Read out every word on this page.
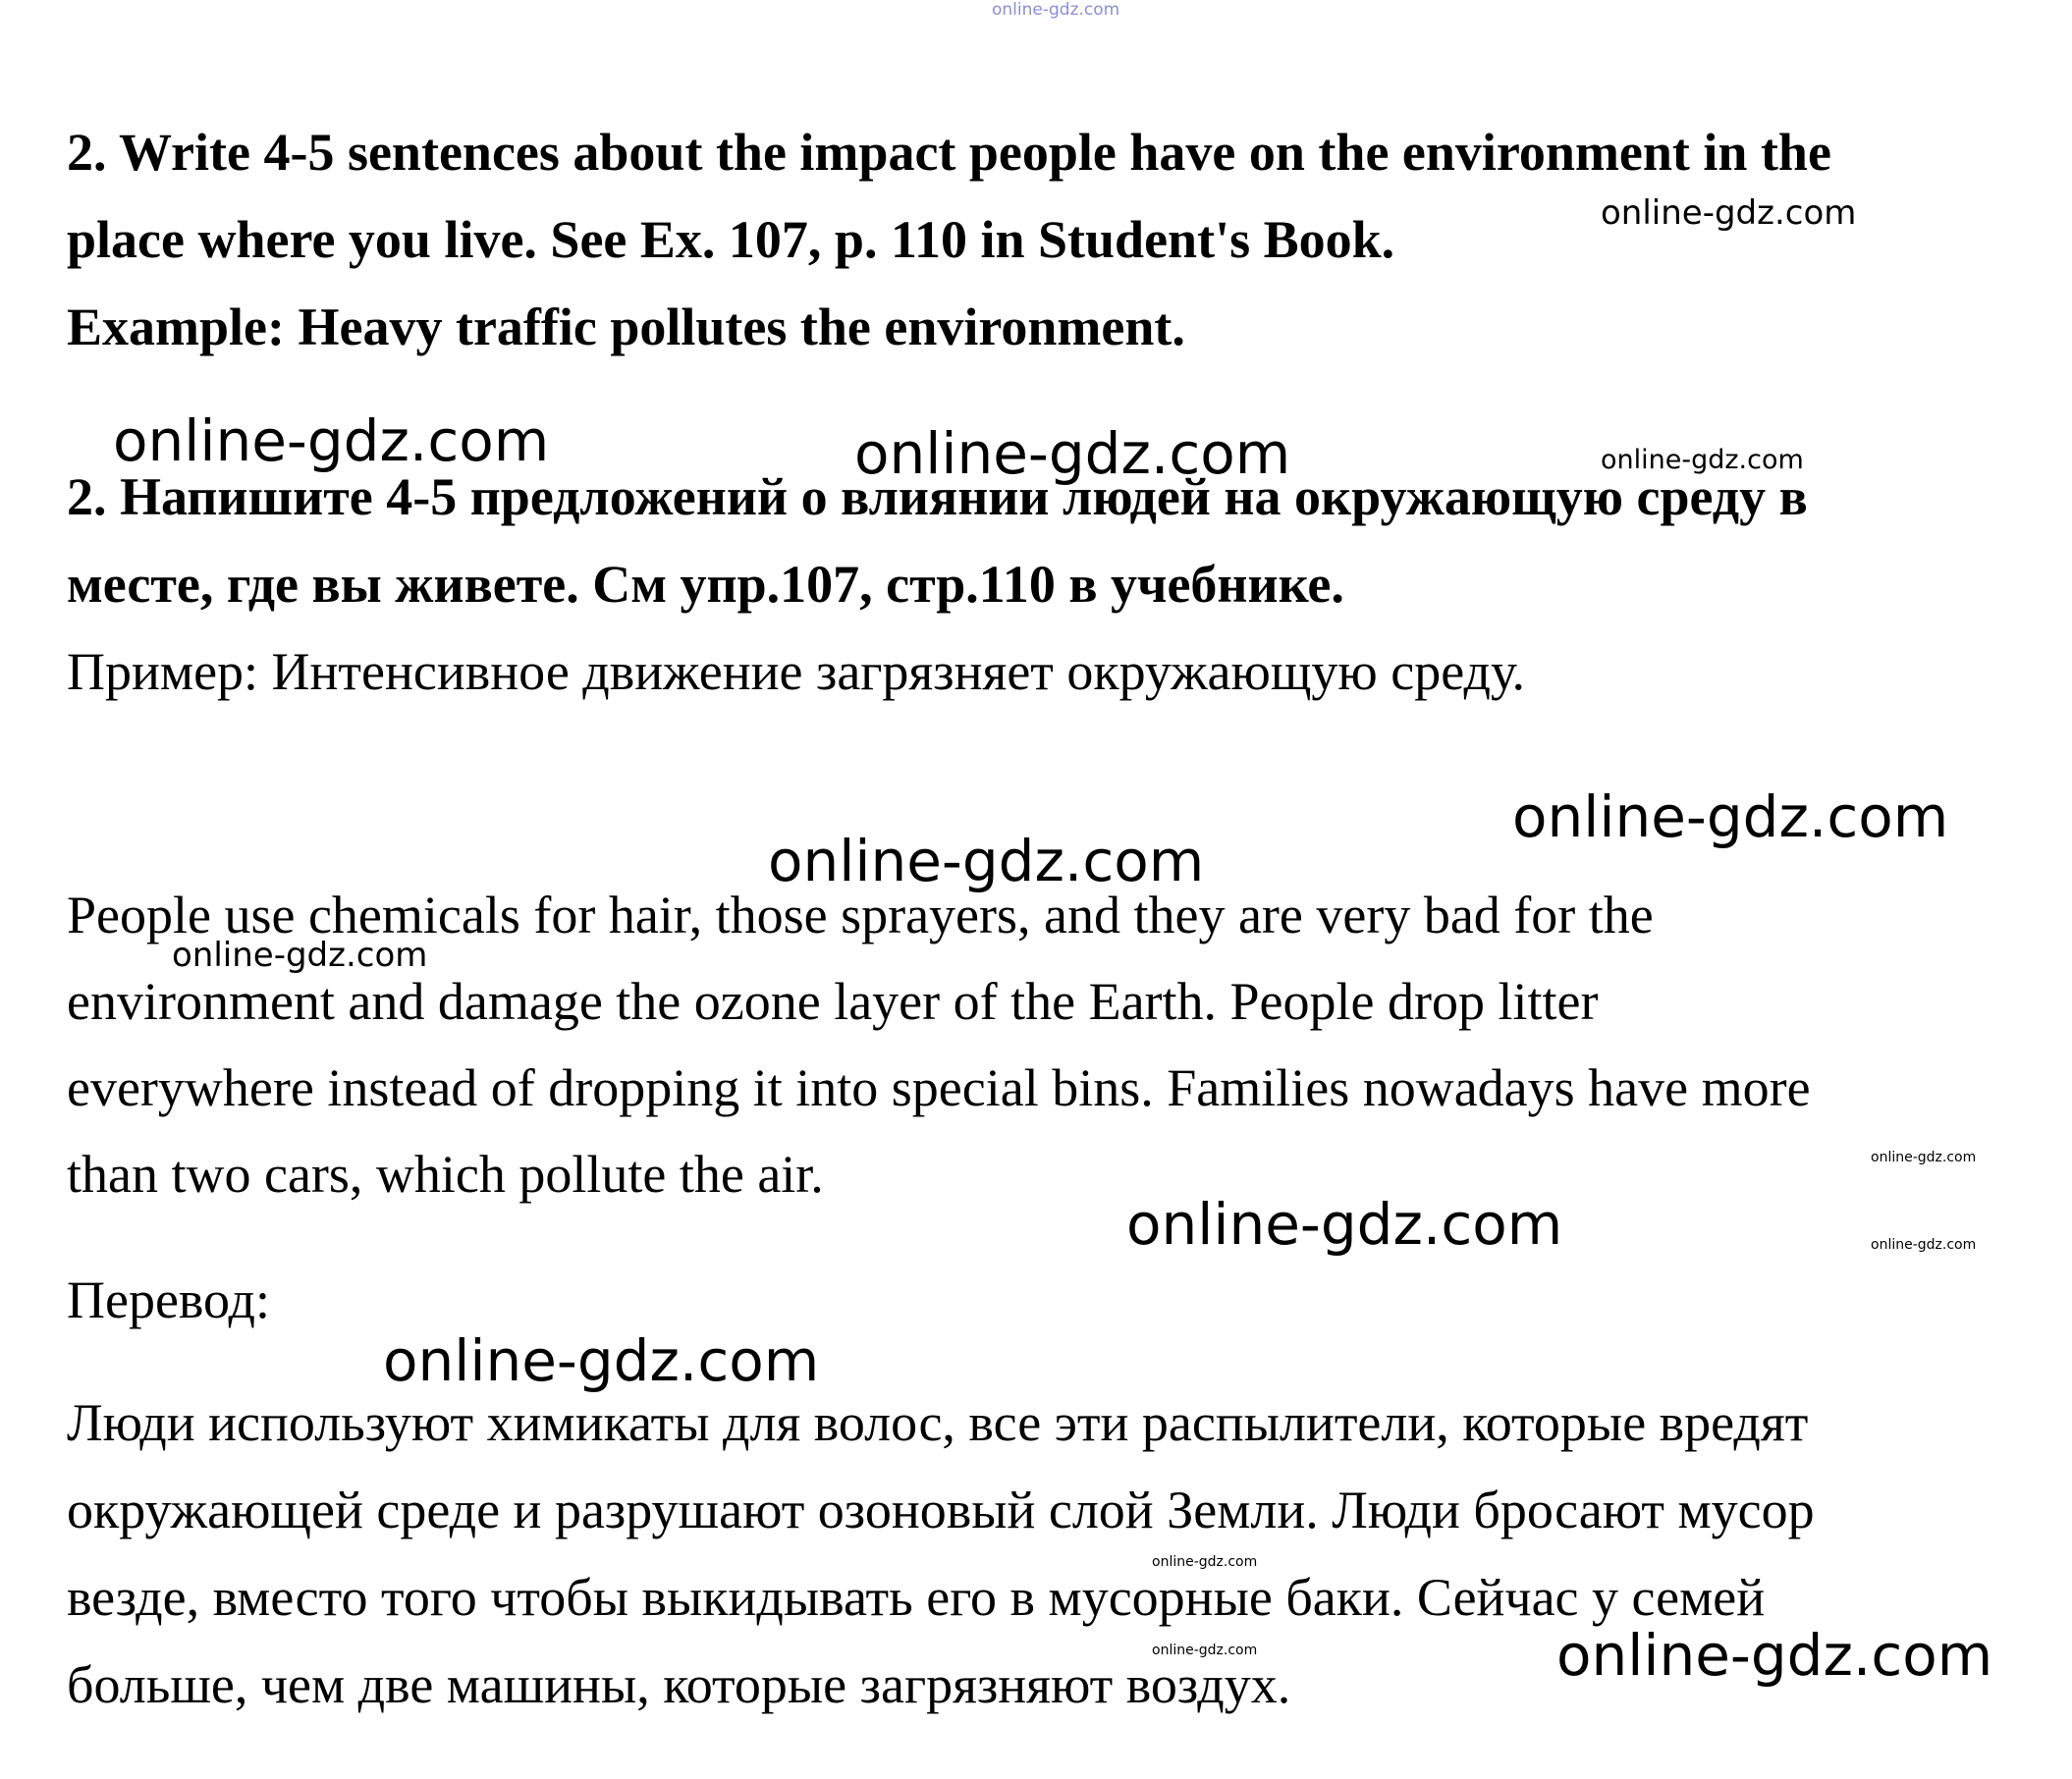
2. Write 4-5 sentences about the impact people have on the environment in the
place where you live. See Ex. 107, p. 110 in Student's Book.
Example: Heavy traffic pollutes the environment.
2. Напишите 4-5 предложений о влиянии людей на окружающую среду в
месте, где вы живете. См упр.107, стр.110 в учебнике.
Пример: Интенсивное движение загрязняет окружающую среду.
People use chemicals for hair, those sprayers, and they are very bad for the
environment and damage the ozone layer of the Earth. People drop litter
everywhere instead of dropping it into special bins. Families nowadays have more
than two cars, which pollute the air.
Перевод:
Люди используют химикаты для волос, все эти распылители, которые вредят
окружающей среде и разрушают озоновый слой Земли. Люди бросают мусор
везде, вместо того чтобы выкидывать его в мусорные баки. Сейчас у семей
больше, чем две машины, которые загрязняют воздух.
online-gdz.com
online-gdz.com
online-gdz.com	online-gdz.com	online-gdz.com
online-gdz.com
online-gdz.com
online-gdz.com
online-gdz.com
online-gdz.com	online-gdz.com
online-gdz.com
online-gdz.com
online-gdz.com
online-gdz.com
